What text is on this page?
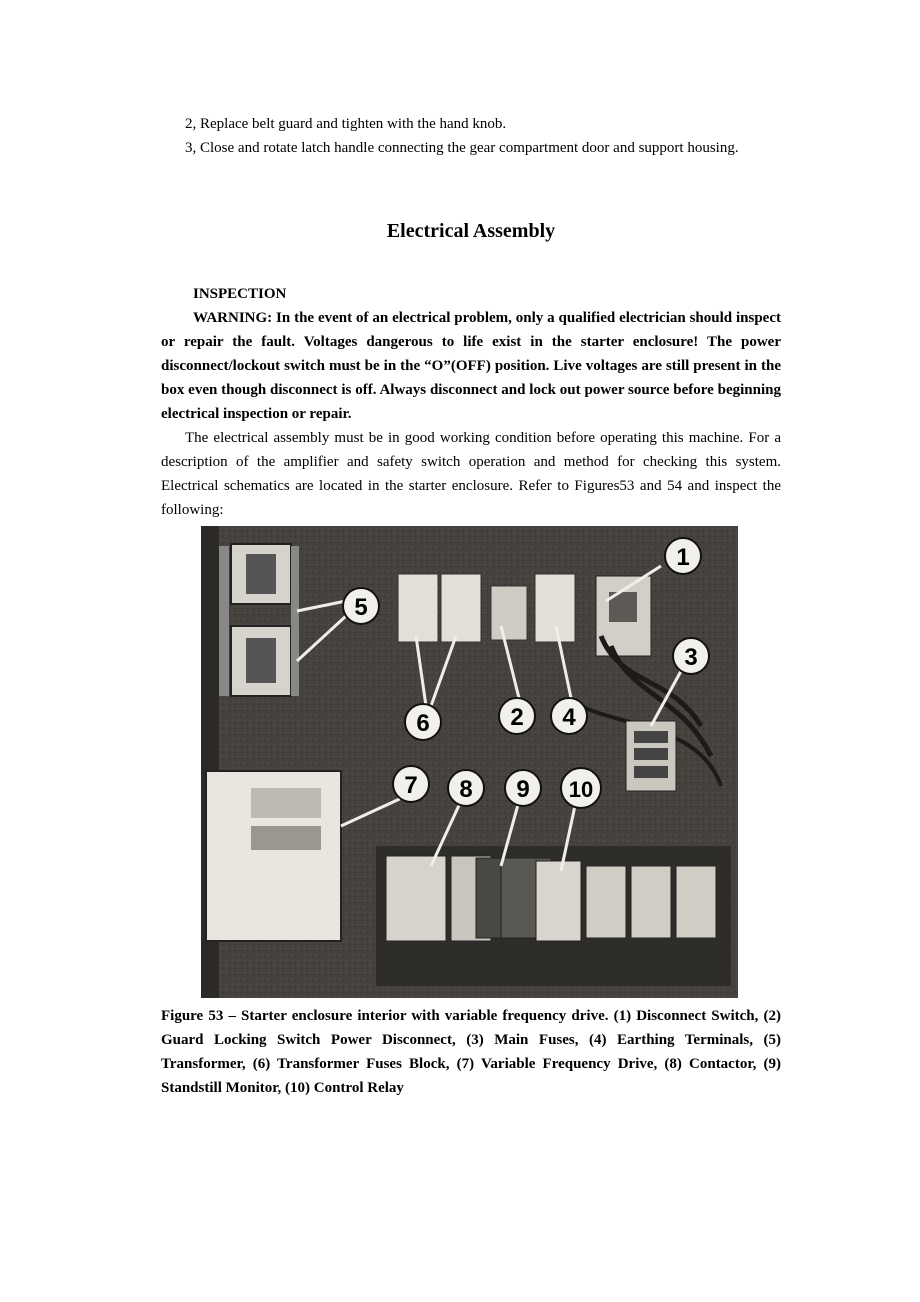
2, Replace belt guard and tighten with the hand knob.

3, Close and rotate latch handle connecting the gear compartment door and support housing.

Electrical Assembly
INSPECTION

WARNING: In the event of an electrical problem, only a qualified electrician should inspect or repair the fault. Voltages dangerous to life exist in the starter enclosure! The power disconnect/lockout switch must be in the “O”(OFF) position. Live voltages are still present in the box even though disconnect is off. Always disconnect and lock out power source before beginning electrical inspection or repair.

The electrical assembly must be in good working condition before operating this machine. For a description of the amplifier and safety switch operation and method for checking this system. Electrical schematics are located in the starter enclosure. Refer to Figures53 and 54 and inspect the following:

1
5
3
6	2 4
7 8 9 10

Figure 53 – Starter enclosure interior with variable frequency drive. (1) Disconnect Switch, (2) Guard Locking Switch Power Disconnect, (3) Main Fuses, (4) Earthing Terminals, (5) Transformer, (6) Transformer Fuses Block, (7) Variable Frequency Drive, (8) Contactor, (9) Standstill Monitor, (10) Control Relay
